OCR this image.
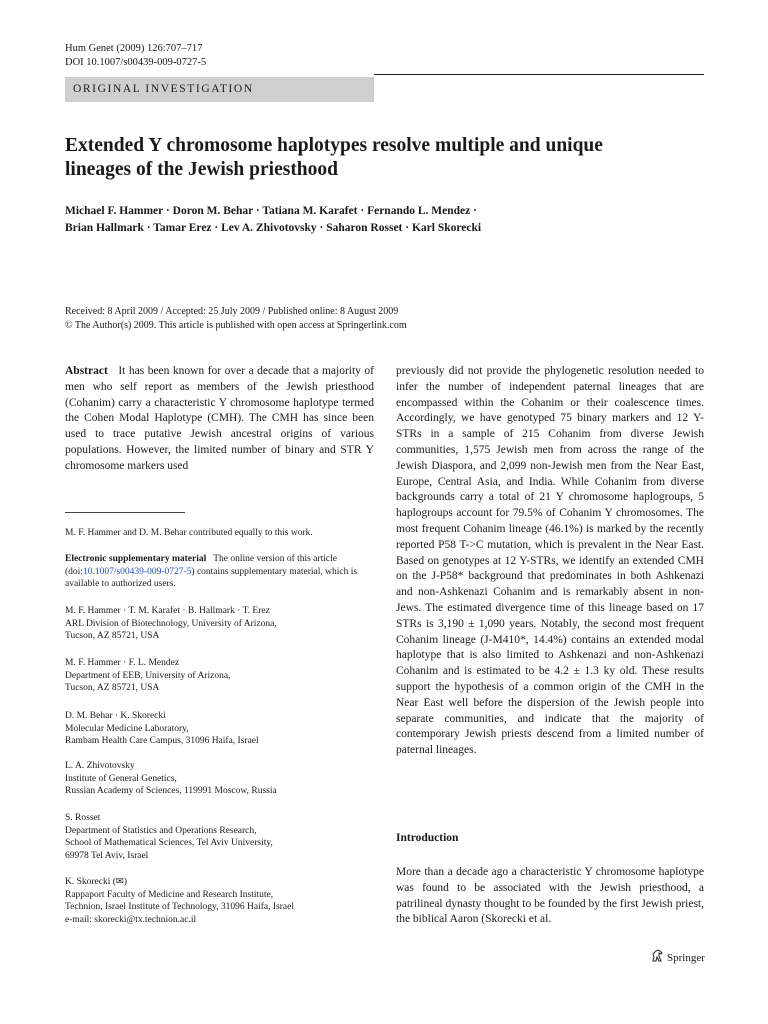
Hum Genet (2009) 126:707–717
DOI 10.1007/s00439-009-0727-5
ORIGINAL INVESTIGATION
Extended Y chromosome haplotypes resolve multiple and unique
lineages of the Jewish priesthood
Michael F. Hammer · Doron M. Behar · Tatiana M. Karafet · Fernando L. Mendez ·
Brian Hallmark · Tamar Erez · Lev A. Zhivotovsky · Saharon Rosset · Karl Skorecki
Received: 8 April 2009 / Accepted: 25 July 2009 / Published online: 8 August 2009
© The Author(s) 2009. This article is published with open access at Springerlink.com
Abstract It has been known for over a decade that a majority of men who self report as members of the Jewish priesthood (Cohanim) carry a characteristic Y chromosome haplotype termed the Cohen Modal Haplotype (CMH). The CMH has since been used to trace putative Jewish ancestral origins of various populations. However, the limited number of binary and STR Y chromosome markers used
previously did not provide the phylogenetic resolution needed to infer the number of independent paternal lineages that are encompassed within the Cohanim or their coalescence times. Accordingly, we have genotyped 75 binary markers and 12 Y-STRs in a sample of 215 Cohanim from diverse Jewish communities, 1,575 Jewish men from across the range of the Jewish Diaspora, and 2,099 non-Jewish men from the Near East, Europe, Central Asia, and India. While Cohanim from diverse backgrounds carry a total of 21 Y chromosome haplogroups, 5 haplogroups account for 79.5% of Cohanim Y chromosomes. The most frequent Cohanim lineage (46.1%) is marked by the recently reported P58 T->C mutation, which is prevalent in the Near East. Based on genotypes at 12 Y-STRs, we identify an extended CMH on the J-P58* background that predominates in both Ashkenazi and non-Ashkenazi Cohanim and is remarkably absent in non-Jews. The estimated divergence time of this lineage based on 17 STRs is 3,190 ± 1,090 years. Notably, the second most frequent Cohanim lineage (J-M410*, 14.4%) contains an extended modal haplotype that is also limited to Ashkenazi and non-Ashkenazi Cohanim and is estimated to be 4.2 ± 1.3 ky old. These results support the hypothesis of a common origin of the CMH in the Near East well before the dispersion of the Jewish people into separate communities, and indicate that the majority of contemporary Jewish priests descend from a limited number of paternal lineages.
M. F. Hammer and D. M. Behar contributed equally to this work.
Electronic supplementary material The online version of this article (doi:10.1007/s00439-009-0727-5) contains supplementary material, which is available to authorized users.
M. F. Hammer · T. M. Karafet · B. Hallmark · T. Erez
ARL Division of Biotechnology, University of Arizona,
Tucson, AZ 85721, USA
M. F. Hammer · F. L. Mendez
Department of EEB, University of Arizona,
Tucson, AZ 85721, USA
D. M. Behar · K. Skorecki
Molecular Medicine Laboratory,
Rambam Health Care Campus, 31096 Haifa, Israel
L. A. Zhivotovsky
Institute of General Genetics,
Russian Academy of Sciences, 119991 Moscow, Russia
S. Rosset
Department of Statistics and Operations Research,
School of Mathematical Sciences, Tel Aviv University,
69978 Tel Aviv, Israel
K. Skorecki (✉)
Rappaport Faculty of Medicine and Research Institute,
Technion, Israel Institute of Technology, 31096 Haifa, Israel
e-mail: skorecki@tx.technion.ac.il
Introduction
More than a decade ago a characteristic Y chromosome haplotype was found to be associated with the Jewish priesthood, a patrilineal dynasty thought to be founded by the first Jewish priest, the biblical Aaron (Skorecki et al.
Springer
